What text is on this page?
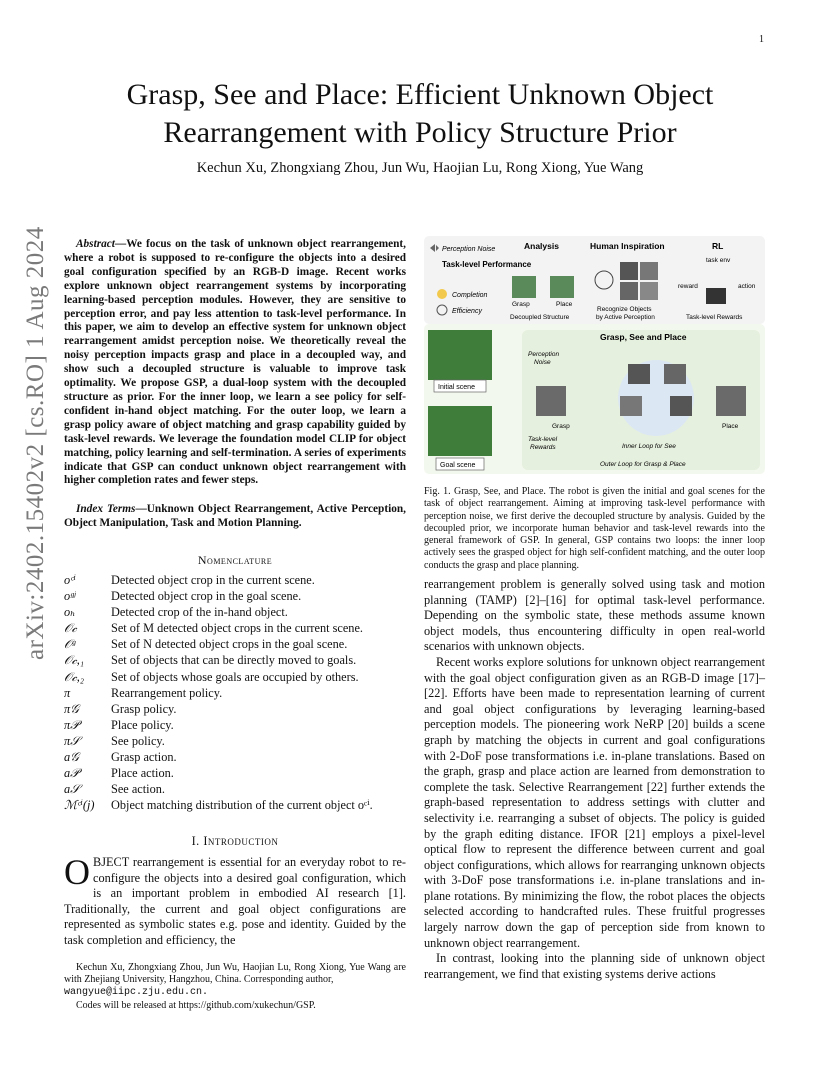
1
arXiv:2402.15402v2 [cs.RO] 1 Aug 2024
Grasp, See and Place: Efficient Unknown Object Rearrangement with Policy Structure Prior
Kechun Xu, Zhongxiang Zhou, Jun Wu, Haojian Lu, Rong Xiong, Yue Wang

Abstract—We focus on the task of unknown object rearrangement, where a robot is supposed to re-configure the objects into a desired goal configuration specified by an RGB-D image. Recent works explore unknown object rearrangement systems by incorporating learning-based perception modules. However, they are sensitive to perception error, and pay less attention to task-level performance. In this paper, we aim to develop an effective system for unknown object rearrangement amidst perception noise. We theoretically reveal the noisy perception impacts grasp and place in a decoupled way, and show such a decoupled structure is valuable to improve task optimality. We propose GSP, a dual-loop system with the decoupled structure as prior. For the inner loop, we learn a see policy for self-confident in-hand object matching. For the outer loop, we learn a grasp policy aware of object matching and grasp capability guided by task-level rewards. We leverage the foundation model CLIP for object matching, policy learning and self-termination. A series of experiments indicate that GSP can conduct unknown object rearrangement with higher completion rates and fewer steps.

Index Terms—Unknown Object Rearrangement, Active Perception, Object Manipulation, Task and Motion Planning.
Nomenclature
oᶜⁱ	Detected object crop in the current scene.
oᵍʲ	Detected object crop in the goal scene.
oₕ	Detected crop of the in-hand object.
𝒪𝒸	Set of M detected object crops in the current scene.
𝒪ᵍ	Set of N detected object crops in the goal scene.
𝒪𝒸,₁	Set of objects that can be directly moved to goals.
𝒪𝒸,₂	Set of objects whose goals are occupied by others.
π	Rearrangement policy.
π𝒢	Grasp policy.
π𝒫	Place policy.
π𝒮	See policy.
a𝒢	Grasp action.
a𝒫	Place action.
a𝒮	See action.
ℳᶜⁱ(j)	Object matching distribution of the current object oᶜⁱ.
I. Introduction

OBJECT rearrangement is essential for an everyday robot to re-configure the objects into a desired goal configuration, which is an important problem in embodied AI research [1]. Traditionally, the current and goal object configurations are represented as symbolic states e.g. pose and identity. Guided by the task completion and efficiency, the

Kechun Xu, Zhongxiang Zhou, Jun Wu, Haojian Lu, Rong Xiong, Yue Wang are with Zhejiang University, Hangzhou, China. Corresponding author,
wangyue@iipc.zju.edu.cn.

Codes will be released at https://github.com/xukechun/GSP.

Perception Noise
Task-level Performance
Completion
Efficiency
Analysis
Grasp	Place
Decoupled Structure
Human Inspiration
Recognize Objects
by Active Perception
RL
task env
reward	action
Task-level Rewards
Grasp, See and Place
Initial scene
Goal scene
Perception
Noise
Grasp
Task-level
Rewards	Inner Loop for See
Place
Outer Loop for Grasp & Place
Fig. 1. Grasp, See, and Place. The robot is given the initial and goal scenes for the task of object rearrangement. Aiming at improving task-level performance with perception noise, we first derive the decoupled structure by analysis. Guided by the decoupled prior, we incorporate human behavior and task-level rewards into the general framework of GSP. In general, GSP contains two loops: the inner loop actively sees the grasped object for high self-confident matching, and the outer loop conducts the grasp and place planning.

rearrangement problem is generally solved using task and motion planning (TAMP) [2]–[16] for optimal task-level performance. Depending on the symbolic state, these methods assume known object models, thus encountering difficulty in open real-world scenarios with unknown objects.

Recent works explore solutions for unknown object rearrangement with the goal object configuration given as an RGB-D image [17]–[22]. Efforts have been made to representation learning of current and goal object configurations by leveraging learning-based perception models. The pioneering work NeRP [20] builds a scene graph by matching the objects in current and goal configurations with 2-DoF pose transformations i.e. in-plane translations. Based on the graph, grasp and place action are learned from demonstration to complete the task. Selective Rearrangement [22] further extends the graph-based representation to address settings with clutter and selectivity i.e. rearranging a subset of objects. The policy is guided by the graph editing distance. IFOR [21] employs a pixel-level optical flow to represent the difference between current and goal object configurations, which allows for rearranging unknown objects with 3-DoF pose transformations i.e. in-plane translations and in-plane rotations. By minimizing the flow, the robot places the objects selected according to handcrafted rules. These fruitful progresses largely narrow down the gap of perception side from known to unknown object rearrangement.

In contrast, looking into the planning side of unknown object rearrangement, we find that existing systems derive actions
